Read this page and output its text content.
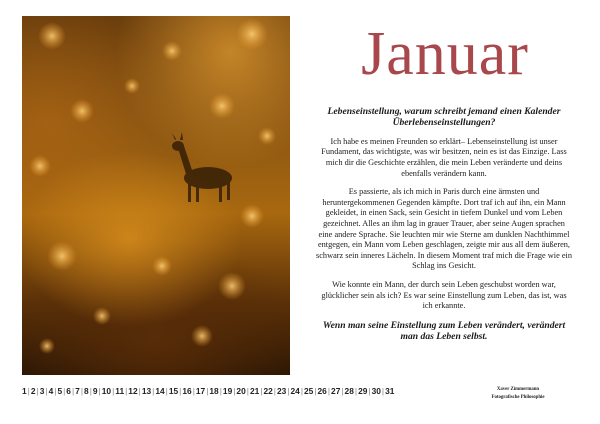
Januar

Lebenseinstellung, warum schreibt jemand einen Kalender Überlebenseinstellungen?

Ich habe es meinen Freunden so erklärt– Lebenseinstellung ist unser Fundament, das wichtigste, was wir besitzen, nein es ist das Einzige. Lass mich dir die Geschichte erzählen, die mein Leben veränderte und deins ebenfalls verändern kann.

Es passierte, als ich mich in Paris durch eine ärmsten und heruntergekommenen Gegenden kämpfte. Dort traf ich auf ihn, ein Mann gekleidet, in einen Sack, sein Gesicht in tiefem Dunkel und vom Leben gezeichnet. Alles an ihm lag in grauer Trauer, aber seine Augen sprachen eine andere Sprache. Sie leuchten mir wie Sterne am dunklen Nachthimmel entgegen, ein Mann vom Leben geschlagen, zeigte mir aus all dem äußeren, schwarz sein inneres Lächeln. In diesem Moment traf mich die Frage wie ein Schlag ins Gesicht.

Wie konnte ein Mann, der durch sein Leben geschubst worden war, glücklicher sein als ich? Es war seine Einstellung zum Leben, das ist, was ich erkannte.

Wenn man seine Einstellung zum Leben verändert, verändert man das Leben selbst.

1|2|3|4|5|6|7|8|9|10|11|12|13|14|15|16|17|18|19|20|21|22|23|24|25|26|27|28|29|30|31	Xaver Zimmermann
Fotografische Philosophie
